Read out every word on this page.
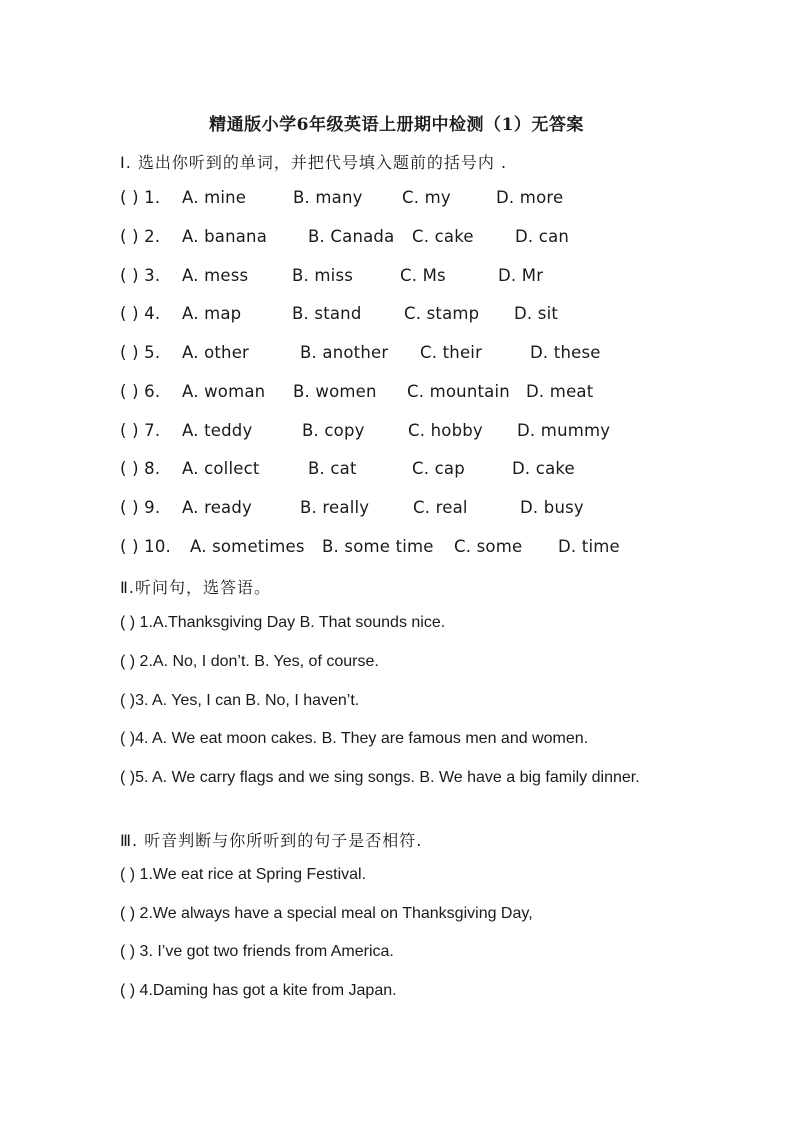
精通版小学6年级英语上册期中检测（1）无答案
Ⅰ. 选出你听到的单词，并把代号填入题前的括号内 .
( ) 1. A. mine	B. many C. my	D. more
( ) 2. A. banana B. Canada C. cake	D. can
( ) 3. A. mess	B. miss	C. Ms	D. Mr
( ) 4. A. map	B. stand	C. stamp D. sit
( ) 5. A. other	B. another C. their	D. these
( ) 6. A. woman B. women C. mountain D. meat
( ) 7. A. teddy	B. copy	C. hobby D. mummy
( ) 8. A. collect	B. cat	C. cap	D. cake
( ) 9. A. ready	B. really	C. real	D. busy
( ) 10. A. sometimes B. some time C. some D. time
Ⅱ.听问句，选答语。
( ) 1.A.Thanksgiving Day B. That sounds nice.
( ) 2.A. No, I don’t. B. Yes, of course.
( )3. A. Yes, I can B. No, I haven’t.
( )4. A. We eat moon cakes. B. They are famous men and women.
( )5. A. We carry flags and we sing songs. B. We have a big family dinner.
Ⅲ. 听音判断与你所听到的句子是否相符.
( ) 1.We eat rice at Spring Festival.
( ) 2.We always have a special meal on Thanksgiving Day,
( ) 3. I’ve got two friends from America.
( ) 4.Daming has got a kite from Japan.
